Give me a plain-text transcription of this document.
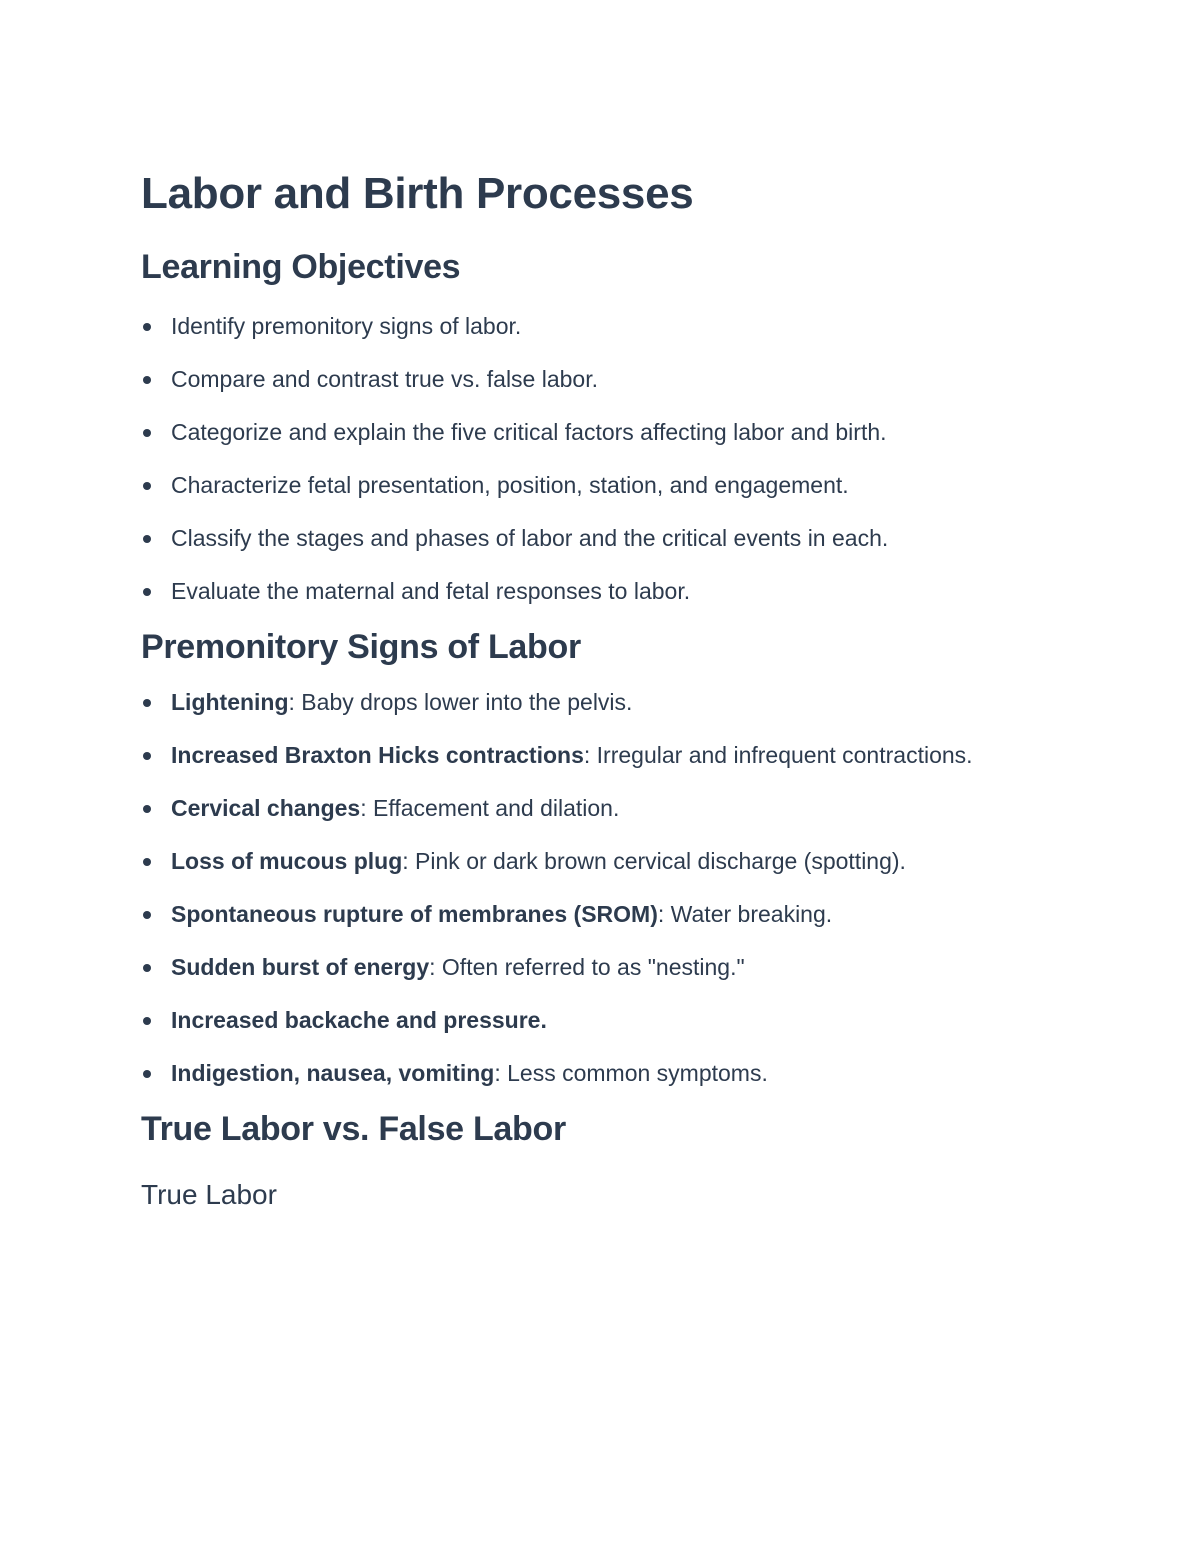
Labor and Birth Processes
Learning Objectives
Identify premonitory signs of labor.
Compare and contrast true vs. false labor.
Categorize and explain the five critical factors affecting labor and birth.
Characterize fetal presentation, position, station, and engagement.
Classify the stages and phases of labor and the critical events in each.
Evaluate the maternal and fetal responses to labor.
Premonitory Signs of Labor
Lightening: Baby drops lower into the pelvis.
Increased Braxton Hicks contractions: Irregular and infrequent contractions.
Cervical changes: Effacement and dilation.
Loss of mucous plug: Pink or dark brown cervical discharge (spotting).
Spontaneous rupture of membranes (SROM): Water breaking.
Sudden burst of energy: Often referred to as "nesting."
Increased backache and pressure.
Indigestion, nausea, vomiting: Less common symptoms.
True Labor vs. False Labor
True Labor
